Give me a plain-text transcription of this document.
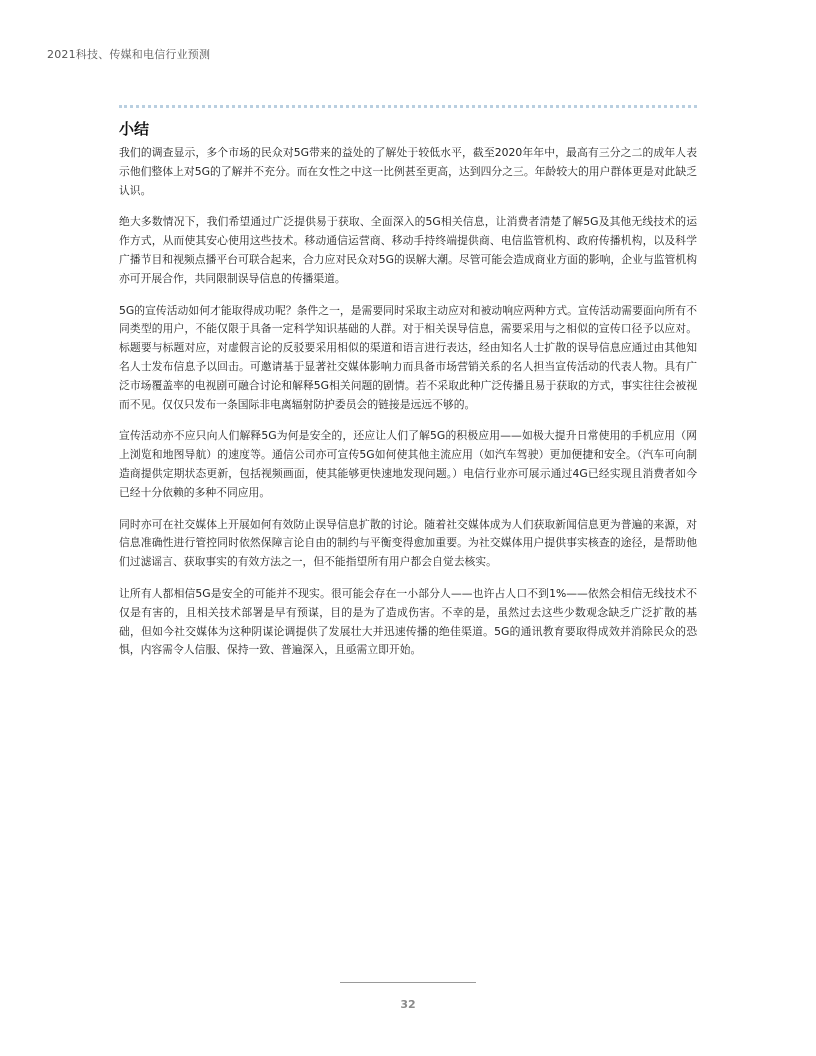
2021科技、传媒和电信行业预测
小结

我们的调查显示，多个市场的民众对5G带来的益处的了解处于较低水平，截至2020年年中，最高有三分之二的成年人表示他们整体上对5G的了解并不充分。而在女性之中这一比例甚至更高，达到四分之三。年龄较大的用户群体更是对此缺乏认识。

绝大多数情况下，我们希望通过广泛提供易于获取、全面深入的5G相关信息，让消费者清楚了解5G及其他无线技术的运作方式，从而使其安心使用这些技术。移动通信运营商、移动手持终端提供商、电信监管机构、政府传播机构，以及科学广播节目和视频点播平台可联合起来，合力应对民众对5G的误解大潮。尽管可能会造成商业方面的影响，企业与监管机构亦可开展合作，共同限制误导信息的传播渠道。

5G的宣传活动如何才能取得成功呢？条件之一，是需要同时采取主动应对和被动响应两种方式。宣传活动需要面向所有不同类型的用户，不能仅限于具备一定科学知识基础的人群。对于相关误导信息，需要采用与之相似的宣传口径予以应对。标题要与标题对应，对虚假言论的反驳要采用相似的渠道和语言进行表达，经由知名人士扩散的误导信息应通过由其他知名人士发布信息予以回击。可邀请基于显著社交媒体影响力而具备市场营销关系的名人担当宣传活动的代表人物。具有广泛市场覆盖率的电视剧可融合讨论和解释5G相关问题的剧情。若不采取此种广泛传播且易于获取的方式，事实往往会被视而不见。仅仅只发布一条国际非电离辐射防护委员会的链接是远远不够的。

宣传活动亦不应只向人们解释5G为何是安全的，还应让人们了解5G的积极应用——如极大提升日常使用的手机应用（网上浏览和地图导航）的速度等。通信公司亦可宣传5G如何使其他主流应用（如汽车驾驶）更加便捷和安全。（汽车可向制造商提供定期状态更新，包括视频画面，使其能够更快速地发现问题。）电信行业亦可展示通过4G已经实现且消费者如今已经十分依赖的多种不同应用。

同时亦可在社交媒体上开展如何有效防止误导信息扩散的讨论。随着社交媒体成为人们获取新闻信息更为普遍的来源，对信息准确性进行管控同时依然保障言论自由的制约与平衡变得愈加重要。为社交媒体用户提供事实核查的途径，是帮助他们过滤谣言、获取事实的有效方法之一，但不能指望所有用户都会自觉去核实。

让所有人都相信5G是安全的可能并不现实。很可能会存在一小部分人——也许占人口不到1%——依然会相信无线技术不仅是有害的，且相关技术部署是早有预谋，目的是为了造成伤害。不幸的是，虽然过去这些少数观念缺乏广泛扩散的基础，但如今社交媒体为这种阴谋论调提供了发展壮大并迅速传播的绝佳渠道。5G的通讯教育要取得成效并消除民众的恐惧，内容需令人信服、保持一致、普遍深入，且亟需立即开始。

32
